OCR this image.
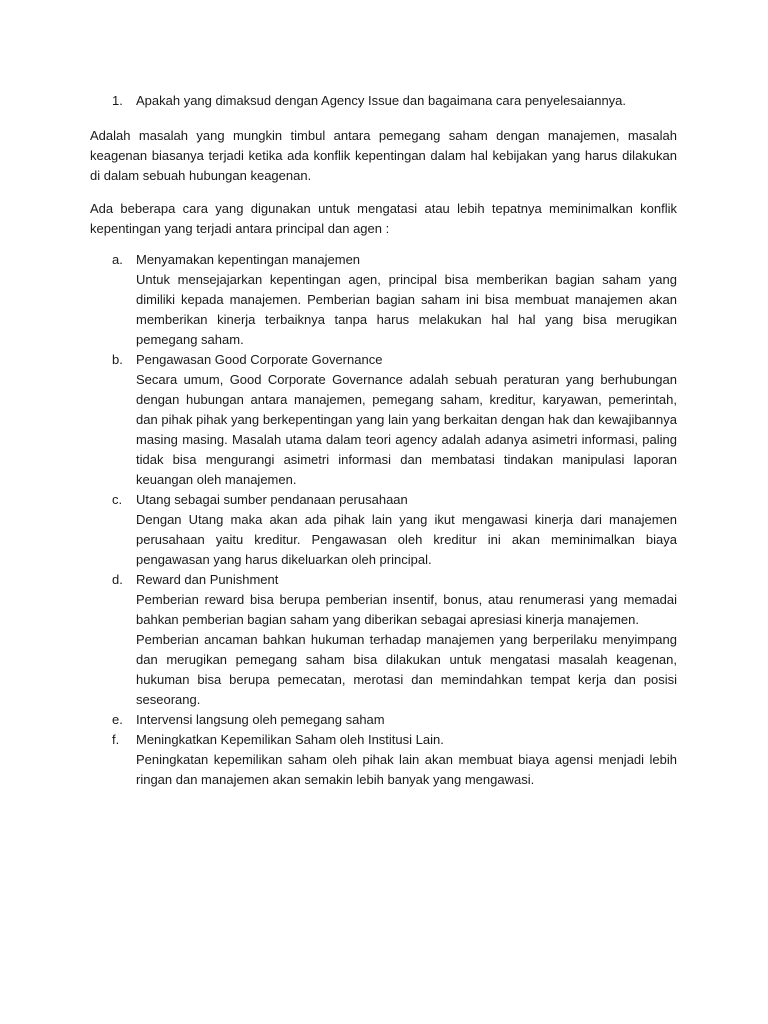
1.	Apakah yang dimaksud dengan Agency Issue dan bagaimana cara penyelesaiannya.

Adalah masalah yang mungkin timbul antara pemegang saham dengan manajemen, masalah keagenan biasanya terjadi ketika ada konflik kepentingan dalam hal kebijakan yang harus dilakukan di dalam sebuah hubungan keagenan.

Ada beberapa cara yang digunakan untuk mengatasi atau lebih tepatnya meminimalkan konflik kepentingan yang terjadi antara principal dan agen :

a.	Menyamakan kepentingan manajemen

Untuk mensejajarkan kepentingan agen, principal bisa memberikan bagian saham yang dimiliki kepada manajemen. Pemberian bagian saham ini bisa membuat manajemen akan memberikan kinerja terbaiknya tanpa harus melakukan hal hal yang bisa merugikan pemegang saham.

b.	Pengawasan Good Corporate Governance

Secara umum, Good Corporate Governance adalah sebuah peraturan yang berhubungan dengan hubungan antara manajemen, pemegang saham, kreditur, karyawan, pemerintah, dan pihak pihak yang berkepentingan yang lain yang berkaitan dengan hak dan kewajibannya masing masing. Masalah utama dalam teori agency adalah adanya asimetri informasi, paling tidak bisa mengurangi asimetri informasi dan membatasi tindakan manipulasi laporan keuangan oleh manajemen.

c.	Utang sebagai sumber pendanaan perusahaan

Dengan Utang maka akan ada pihak lain yang ikut mengawasi kinerja dari manajemen perusahaan yaitu kreditur. Pengawasan oleh kreditur ini akan meminimalkan biaya pengawasan yang harus dikeluarkan oleh principal.

d.	Reward dan Punishment

Pemberian reward bisa berupa pemberian insentif, bonus, atau renumerasi yang memadai bahkan pemberian bagian saham yang diberikan sebagai apresiasi kinerja manajemen.

Pemberian ancaman bahkan hukuman terhadap manajemen yang berperilaku menyimpang dan merugikan pemegang saham bisa dilakukan untuk mengatasi masalah keagenan, hukuman bisa berupa pemecatan, merotasi dan memindahkan tempat kerja dan posisi seseorang.

e.	Intervensi langsung oleh pemegang saham
f.	Meningkatkan Kepemilikan Saham oleh Institusi Lain.

Peningkatan kepemilikan saham oleh pihak lain akan membuat biaya agensi menjadi lebih ringan dan manajemen akan semakin lebih banyak yang mengawasi.
